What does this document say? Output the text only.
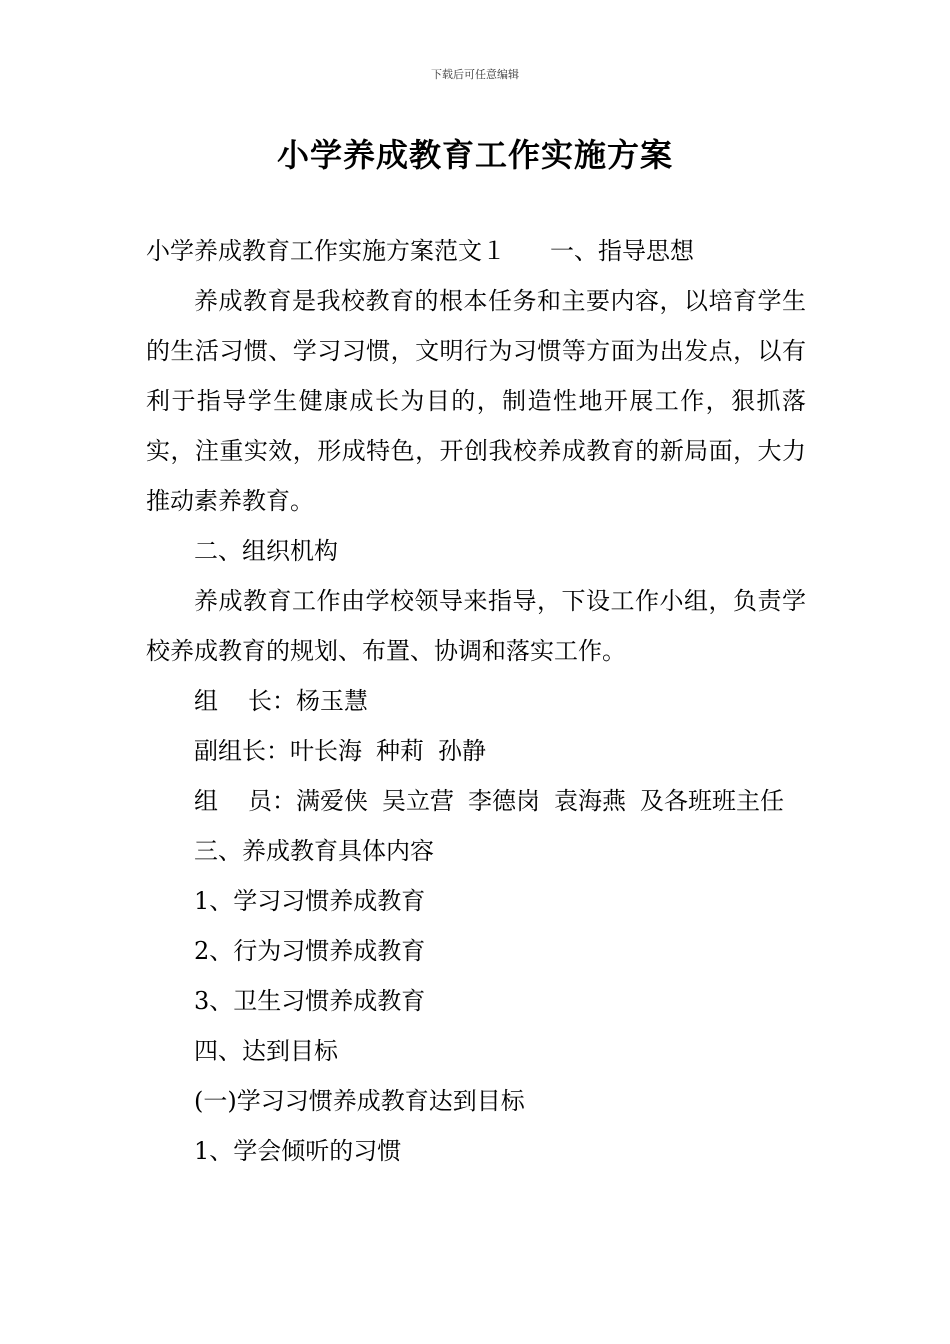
下载后可任意编辑
小学养成教育工作实施方案

小学养成教育工作实施方案范文１ 一、指导思想

养成教育是我校教育的根本任务和主要内容，以培育学生的生活习惯、学习习惯，文明行为习惯等方面为出发点，以有利于指导学生健康成长为目的，制造性地开展工作，狠抓落实，注重实效，形成特色，开创我校养成教育的新局面，大力推动素养教育。

二、组织机构

养成教育工作由学校领导来指导，下设工作小组，负责学校养成教育的规划、布置、协调和落实工作。

组 长：杨玉慧

副组长：叶长海 种莉 孙静

组 员：满爱侠 吴立营 李德岗 袁海燕 及各班班主任

三、养成教育具体内容

1、学习习惯养成教育

2、行为习惯养成教育

3、卫生习惯养成教育

四、达到目标

(一)学习习惯养成教育达到目标

1、学会倾听的习惯
